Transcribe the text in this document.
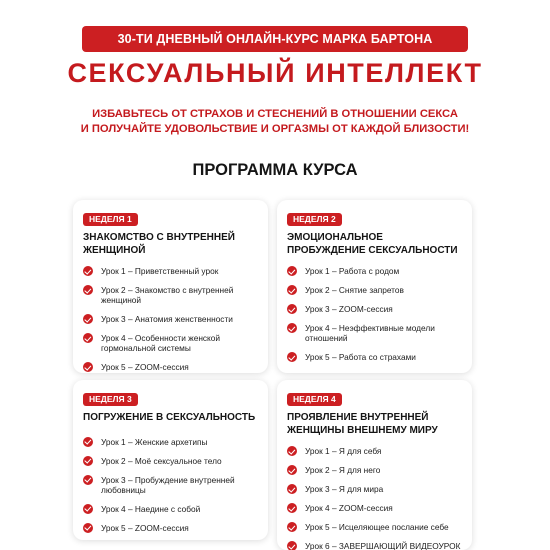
30-ТИ ДНЕВНЫЙ ОНЛАЙН-КУРС МАРКА БАРТОНА
СЕКСУАЛЬНЫЙ ИНТЕЛЛЕКТ
ИЗБАВЬТЕСЬ ОТ СТРАХОВ И СТЕСНЕНИЙ В ОТНОШЕНИИ СЕКСА
И ПОЛУЧАЙТЕ УДОВОЛЬСТВИЕ И ОРГАЗМЫ ОТ КАЖДОЙ БЛИЗОСТИ!
ПРОГРАММА КУРСА
НЕДЕЛЯ 1
ЗНАКОМСТВО С ВНУТРЕННЕЙ ЖЕНЩИНОЙ
Урок 1 – Приветственный урок
Урок 2 – Знакомство с внутренней женщиной
Урок 3 – Анатомия женственности
Урок 4 – Особенности женской гормональной системы
Урок 5 – ZOOM-сессия
НЕДЕЛЯ 2
ЭМОЦИОНАЛЬНОЕ ПРОБУЖДЕНИЕ СЕКСУАЛЬНОСТИ
Урок 1 – Работа с родом
Урок 2 – Снятие запретов
Урок 3 – ZOOM-сессия
Урок 4 – Неэффективные модели отношений
Урок 5 – Работа со страхами
НЕДЕЛЯ 3
ПОГРУЖЕНИЕ В СЕКСУАЛЬНОСТЬ
Урок 1 – Женские архетипы
Урок 2 – Моё сексуальное тело
Урок 3 – Пробуждение внутренней любовницы
Урок 4 – Наедине с собой
Урок 5 – ZOOM-сессия
НЕДЕЛЯ 4
ПРОЯВЛЕНИЕ ВНУТРЕННЕЙ ЖЕНЩИНЫ ВНЕШНЕМУ МИРУ
Урок 1 – Я для себя
Урок 2 – Я для него
Урок 3 – Я для мира
Урок 4 – ZOOM-сессия
Урок 5 – Исцеляющее послание себе
Урок 6 – ЗАВЕРШАЮЩИЙ ВИДЕОУРОК
